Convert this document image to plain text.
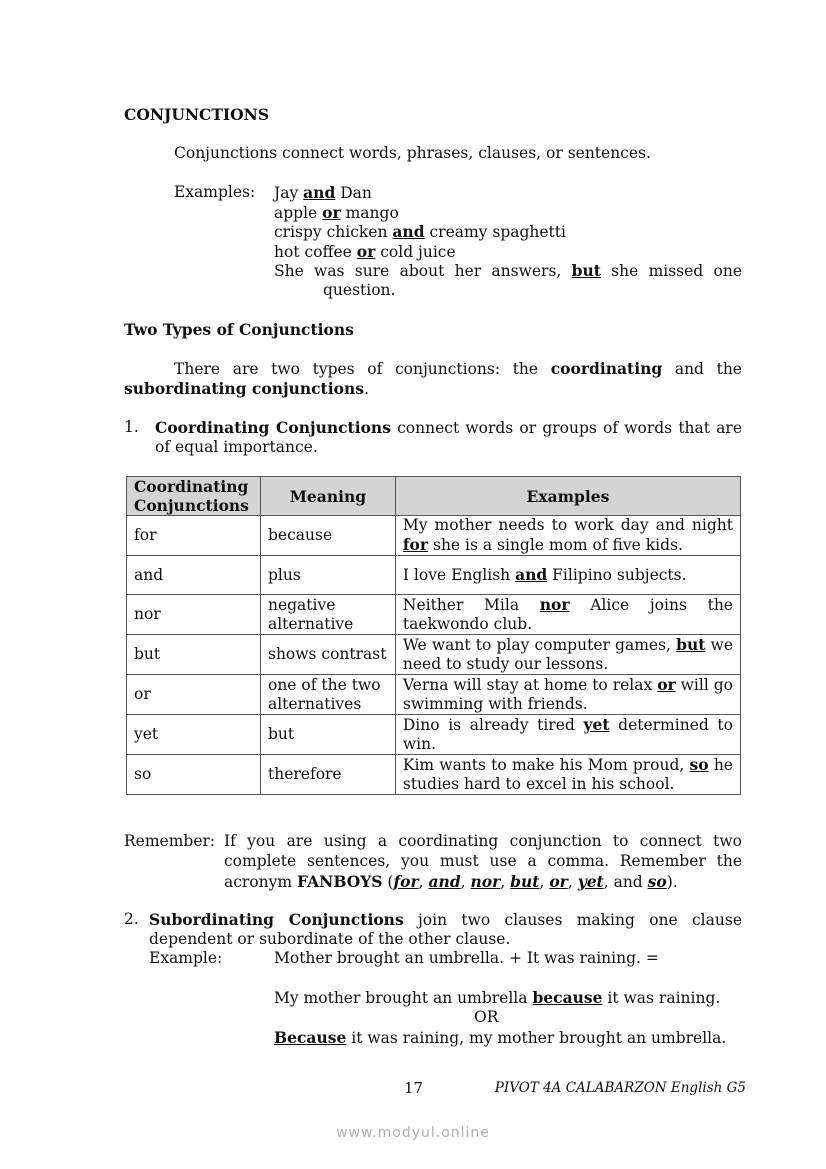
CONJUNCTIONS
Conjunctions connect words, phrases, clauses, or sentences.
Examples: Jay and Dan
apple or mango
crispy chicken and creamy spaghetti
hot coffee or cold juice
She was sure about her answers, but she missed one
question.
Two Types of Conjunctions
There are two types of conjunctions: the coordinating and the
subordinating conjunctions.
1. Coordinating Conjunctions connect words or groups of words that are
of equal importance.
Coordinating
Conjunctions	Meaning	Examples
for	because	My mother needs to work day and night for she is a single mom of five kids.
and	plus	I love English and Filipino subjects.
nor	negative alternative	Neither Mila nor Alice joins the taekwondo club.
but	shows contrast	We want to play computer games, but we need to study our lessons.
or	one of the two alternatives	Verna will stay at home to relax or will go swimming with friends.
yet	but	Dino is already tired yet determined to win.
so	therefore	Kim wants to make his Mom proud, so he studies hard to excel in his school.
Remember: If you are using a coordinating conjunction to connect two
complete sentences, you must use a comma. Remember the
acronym FANBOYS (for, and, nor, but, or, yet, and so).
2. Subordinating Conjunctions join two clauses making one clause
dependent or subordinate of the other clause.
Example:	Mother brought an umbrella. + It was raining. =
My mother brought an umbrella because it was raining.
OR
Because it was raining, my mother brought an umbrella.
17	PIVOT 4A CALABARZON English G5
www.modyul.online
